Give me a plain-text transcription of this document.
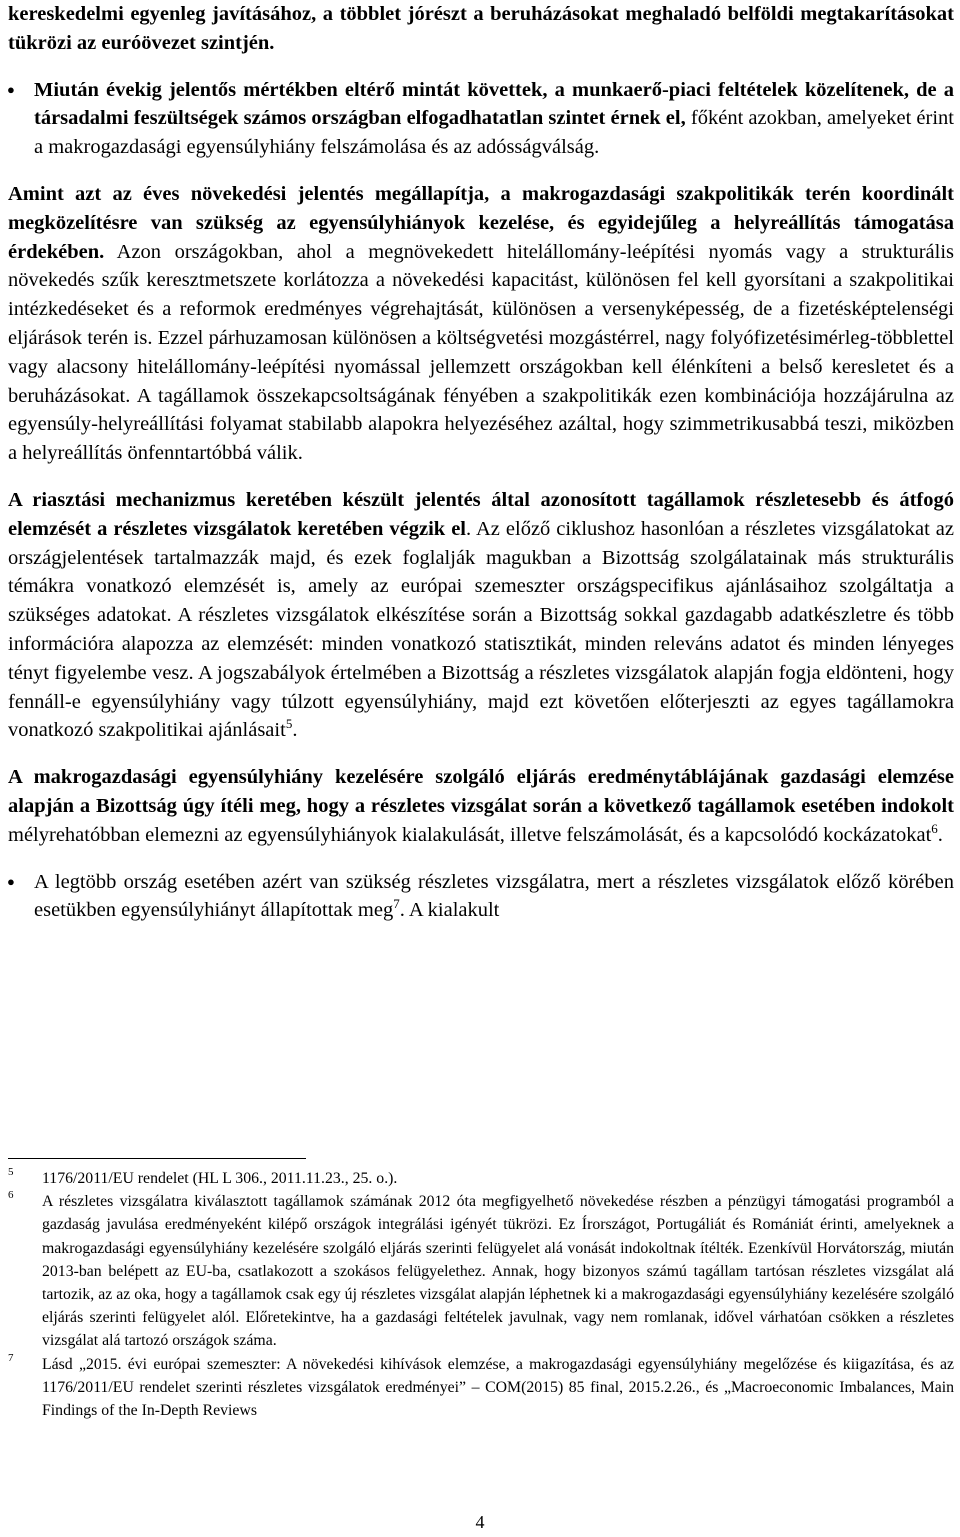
kereskedelmi egyenleg javításához, a többlet jórészt a beruházásokat meghaladó belföldi megtakarításokat tükrözi az euróövezet szintjén.

● Miután évekig jelentős mértékben eltérő mintát követtek, a munkaerő-piaci feltételek közelítenek, de a társadalmi feszültségek számos országban elfogadhatatlan szintet érnek el, főként azokban, amelyeket érint a makrogazdasági egyensúlyhiány felszámolása és az adósságválság.

Amint azt az éves növekedési jelentés megállapítja, a makrogazdasági szakpolitikák terén koordinált megközelítésre van szükség az egyensúlyhiányok kezelése, és egyidejűleg a helyreállítás támogatása érdekében. Azon országokban, ahol a megnövekedett hitelállomány-leépítési nyomás vagy a strukturális növekedés szűk keresztmetszete korlátozza a növekedési kapacitást, különösen fel kell gyorsítani a szakpolitikai intézkedéseket és a reformok eredményes végrehajtását, különösen a versenyképesség, de a fizetésképtelenségi eljárások terén is. Ezzel párhuzamosan különösen a költségvetési mozgástérrel, nagy folyófizetésimérleg-többlettel vagy alacsony hitelállomány-leépítési nyomással jellemzett országokban kell élénkíteni a belső keresletet és a beruházásokat. A tagállamok összekapcsoltságának fényében a szakpolitikák ezen kombinációja hozzájárulna az egyensúly-helyreállítási folyamat stabilabb alapokra helyezéséhez azáltal, hogy szimmetrikusabbá teszi, miközben a helyreállítás önfenntartóbbá válik.

A riasztási mechanizmus keretében készült jelentés által azonosított tagállamok részletesebb és átfogó elemzését a részletes vizsgálatok keretében végzik el. Az előző ciklushoz hasonlóan a részletes vizsgálatokat az országjelentések tartalmazzák majd, és ezek foglalják magukban a Bizottság szolgálatainak más strukturális témákra vonatkozó elemzését is, amely az európai szemeszter országspecifikus ajánlásaihoz szolgáltatja a szükséges adatokat. A részletes vizsgálatok elkészítése során a Bizottság sokkal gazdagabb adatkészletre és több információra alapozza az elemzését: minden vonatkozó statisztikát, minden releváns adatot és minden lényeges tényt figyelembe vesz. A jogszabályok értelmében a Bizottság a részletes vizsgálatok alapján fogja eldönteni, hogy fennáll-e egyensúlyhiány vagy túlzott egyensúlyhiány, majd ezt követően előterjeszti az egyes tagállamokra vonatkozó szakpolitikai ajánlásait$^5$.

A makrogazdasági egyensúlyhiány kezelésére szolgáló eljárás eredménytáblájának gazdasági elemzése alapján a Bizottság úgy ítéli meg, hogy a részletes vizsgálat során a következő tagállamok esetében indokolt mélyrehatóbban elemezni az egyensúlyhiányok kialakulását, illetve felszámolását, és a kapcsolódó kockázatokat$^6$.

● A legtöbb ország esetében azért van szükség részletes vizsgálatra, mert a részletes vizsgálatok előző körében esetükben egyensúlyhiányt állapítottak meg$^7$. A kialakult

5 1176/2011/EU rendelet (HL L 306., 2011.11.23., 25. o.).
6 A részletes vizsgálatra kiválasztott tagállamok számának 2012 óta megfigyelhető növekedése részben a pénzügyi támogatási programból a gazdaság javulása eredményeként kilépő országok integrálási igényét tükrözi. Ez Írországot, Portugáliát és Romániát érinti, amelyeknek a makrogazdasági egyensúlyhiány kezelésére szolgáló eljárás szerinti felügyelet alá vonását indokoltnak ítélték. Ezenkívül Horvátország, miután 2013-ban belépett az EU-ba, csatlakozott a szokásos felügyelethez. Annak, hogy bizonyos számú tagállam tartósan részletes vizsgálat alá tartozik, az az oka, hogy a tagállamok csak egy új részletes vizsgálat alapján léphetnek ki a makrogazdasági egyensúlyhiány kezelésére szolgáló eljárás szerinti felügyelet alól. Előretekintve, ha a gazdasági feltételek javulnak, vagy nem romlanak, idővel várhatóan csökken a részletes vizsgálat alá tartozó országok száma.
7 Lásd „2015. évi európai szemeszter: A növekedési kihívások elemzése, a makrogazdasági egyensúlyhiány megelőzése és kiigazítása, és az 1176/2011/EU rendelet szerinti részletes vizsgálatok eredményei” – COM(2015) 85 final, 2015.2.26., és „Macroeconomic Imbalances, Main Findings of the In-Depth Reviews
4
